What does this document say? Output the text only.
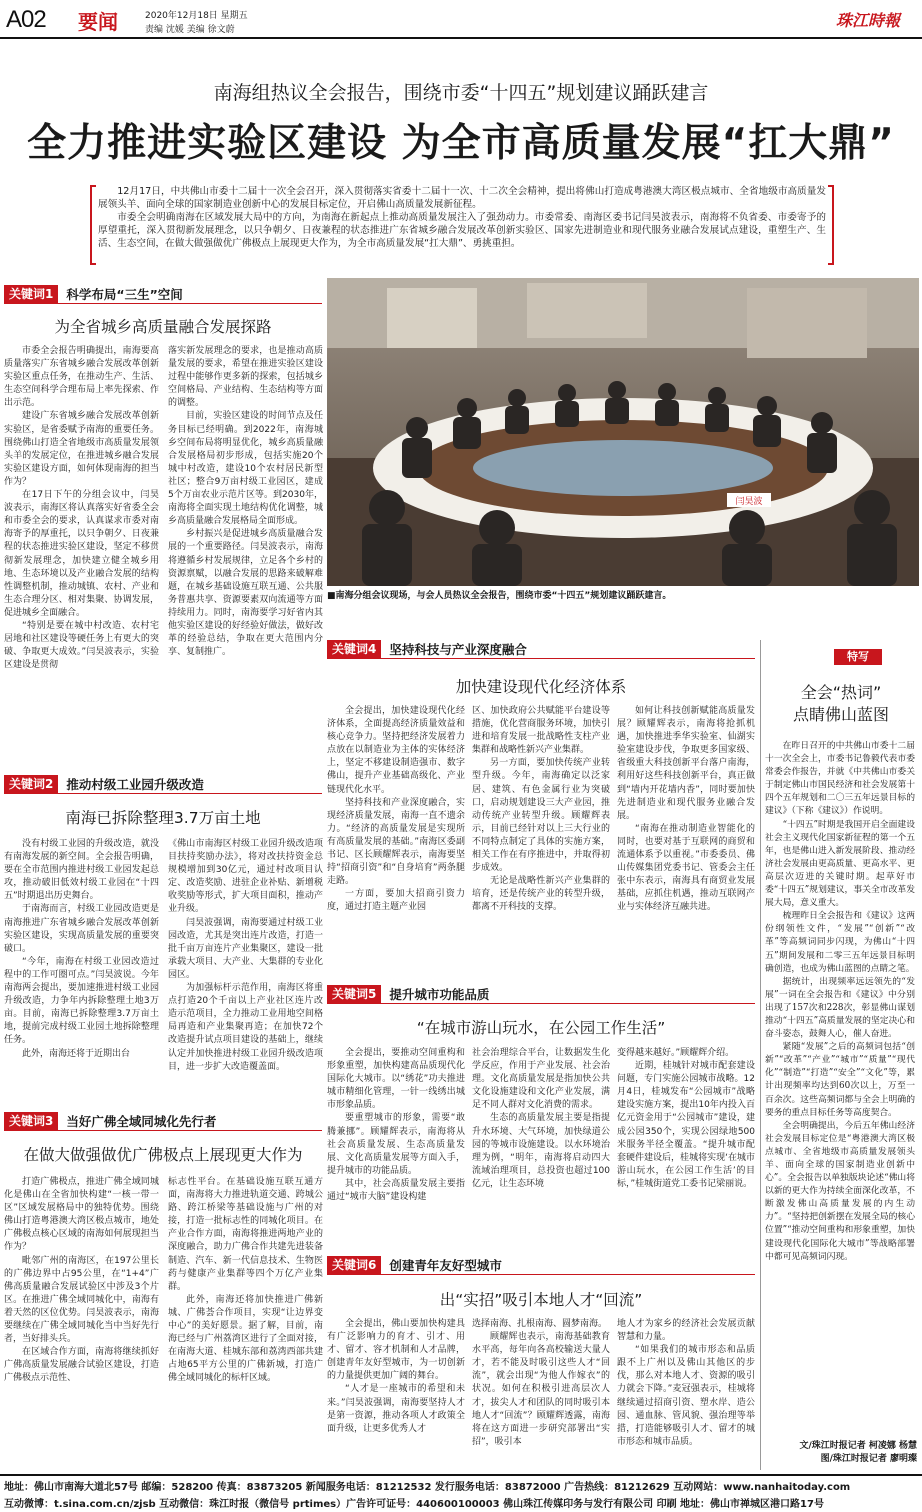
A02 要闻	2020年12月18日 星期五
责编 沈媛 美编 徐文蔚	珠江時報
南海组热议全会报告，围绕市委“十四五”规划建议踊跃建言
全力推进实验区建设 为全市高质量发展“扛大鼎”

12月17日，中共佛山市委十二届十一次全会召开，深入贯彻落实省委十二届十一次、十二次全会精神，提出将佛山打造成粤港澳大湾区极点城市、全省地级市高质量发展领头羊、面向全球的国家制造业创新中心的发展目标定位，开启佛山高质量发展新征程。

市委全会明确南海在区域发展大局中的方向，为南海在新起点上推动高质量发展注入了强劲动力。市委常委、南海区委书记闫昊波表示，南海将不负省委、市委寄予的厚望重托，深入贯彻新发展理念，以只争朝夕、日夜兼程的状态推进广东省城乡融合发展改革创新实验区、国家先进制造业和现代服务业融合发展试点建设，重塑生产、生活、生态空间，在做大做强做优广佛极点上展现更大作为，为全市高质量发展“扛大鼎”、勇挑重担。

闫昊波
■南海分组会议现场，与会人员热议全会报告，围绕市委“十四五”规划建议踊跃建言。
关键词1	科学布局“三生”空间
为全省城乡高质量融合发展探路

市委全会报告明确提出，南海要高质量落实广东省城乡融合发展改革创新实验区重点任务，在推动生产、生活、生态空间科学合理布局上率先探索、作出示范。

建设广东省城乡融合发展改革创新实验区，是省委赋予南海的重要任务。围绕佛山打造全省地级市高质量发展领头羊的发展定位，在推进城乡融合发展实验区建设方面，如何体现南海的担当作为？

在17日下午的分组会议中，闫昊波表示，南海区将认真落实好省委全会和市委全会的要求，认真谋求市委对南海寄予的厚重托，以只争朝夕、日夜兼程的状态推进实验区建设，坚定不移贯彻新发展理念，加快建立健全城乡用地、生态环境以及产业融合发展的结构性调整机制，推动城镇、农村、产业和生态合理分区、相对集聚、协调发展，促进城乡全面融合。

“特别是要在城中村改造、农村宅居地和社区建设等硬任务上有更大的突破、争取更大成效。”闫昊波表示，实验区建设是贯彻

落实新发展理念的要求，也是推动高质量发展的要求，希望在推进实验区建设过程中能够作更多新的探索，包括城乡空间格局、产业结构、生态结构等方面的调整。

目前，实验区建设的时间节点及任务目标已经明确。到2022年，南海城乡空间布局将明显优化，城乡高质量融合发展格局初步形成，包括实施20个城中村改造，建设10个农村居民新型社区；整合9万亩村级工业园区，建成5个万亩农业示范片区等。到2030年，南海将全面实现土地结构优化调整，城乡高质量融合发展格局全面形成。

乡村振兴是促进城乡高质量融合发展的一个重要路径。闫昊波表示，南海将遵循乡村发展规律，立足各个乡村的资源禀赋，以融合发展的思路来破解难题，在城乡基础设施互联互通、公共服务普惠共享、资源要素双向流通等方面持续用力。同时，南海要学习好省内其他实验区建设的好经验好做法，做好改革的经验总结，争取在更大范围内分享、复制推广。

关键词2	推动村级工业园升级改造
南海已拆除整理3.7万亩土地

没有村级工业园的升级改造，就没有南海发展的新空间。全会报告明确，要在全市范围内推进村级工业园发起总攻，推动破旧低效村级工业园在“十四五”时期退出历史舞台。

于南海而言，村级工业园改造更是南海推进广东省城乡融合发展改革创新实验区建设，实现高质量发展的重要突破口。

“今年，南海在村级工业园改造过程中的工作可圈可点。”闫昊波说。今年南海两会提出，要加速推进村级工业园升级改造，力争年内拆除整理土地3万亩。目前，南海已拆除整理3.7万亩土地，提前完成村级工业园土地拆除整理任务。

此外，南海还将于近期出台

《佛山市南海区村级工业园升级改造项目扶持奖励办法》，将对改扶持资金总规模增加到30亿元，通过村改项目认定、改造奖励、进驻企业补贴、新增税收奖励等形式，扩大项目面积，推动产业升级。

闫昊波强调，南海要通过村级工业园改造，尤其是突出连片改造，打造一批千亩万亩连片产业集聚区，建设一批承载大项目、大产业、大集群的专业化园区。

为加强标杆示范作用，南海区将重点打造20个千亩以上产业社区连片改造示范项目，全力推动工业用地空间格局再造和产业集聚再造；在加快72个改造提升试点项目建设的基础上，继续认定并加快推进村级工业园升级改造项目，进一步扩大改造覆盖面。

关键词3	当好广佛全域同城化先行者
在做大做强做优广佛极点上展现更大作为

打造广佛极点，推进广佛全域同城化是佛山在全省加快构建“一核一带一区”区域发展格局中的独特优势。围绕佛山打造粤港澳大湾区极点城市，地处广佛极点核心区域的南海如何展现担当作为？

毗邻广州的南海区，在197公里长的广佛边界中占95公里，在“1+4”广佛高质量融合发展试验区中涉及3个片区。在推进广佛全域同城化中，南海有着天然的区位优势。闫昊波表示，南海要继续在广佛全域同城化当中当好先行者，当好排头兵。

在区域合作方面，南海将继续抓好广佛高质量发展融合试验区建设，打造广佛极点示范性、

标志性平台。在基础设施互联互通方面，南海将大力推进轨道交通、跨城公路、跨江桥梁等基础设施与广州的对接，打造一批标志性的同城化项目。在产业合作方面，南海将推进两地产业的深度融合，助力广佛合作共建先进装备制造、汽车、新一代信息技术、生物医药与健康产业集群等四个万亿产业集群。

此外，南海还将加快推进广佛新城、广佛荟合作项目，实现“让边界变中心”的美好愿景。据了解，目前，南海已经与广州荔湾区进行了全面对接，在南海大道、桂城东部和荔湾西部共建占地65平方公里的广佛新城，打造广佛全域同城化的标杆区域。

关键词4	坚持科技与产业深度融合
加快建设现代化经济体系

全会提出，加快建设现代化经济体系，全面提高经济质量效益和核心竞争力。坚持把经济发展着力点放在以制造业为主体的实体经济上，坚定不移建设制造强市、数字佛山，提升产业基础高级化、产业链现代化水平。

坚持科技和产业深度融合，实现经济质量发展，南海一直不遗余力。“经济的高质量发展是实现所有高质量发展的基础。”南海区委副书记、区长顾耀辉表示，南海要坚持“招商引资”和“自身培育”两条腿走路。

一方面，要加大招商引资力度，通过打造主题产业园

区、加快政府公共赋能平台建设等措施，优化营商服务环境，加快引进和培育发展一批战略性支柱产业集群和战略性新兴产业集群。

另一方面，要加快传统产业转型升级。今年，南海确定以泛家居、建筑、有色金属行业为突破口，启动规划建设三大产业园，推动传统产业转型升级。顾耀辉表示，目前已经针对以上三大行业的不同特点制定了具体的实施方案，相关工作在有序推进中，并取得初步成效。

无论是战略性新兴产业集群的培育，还是传统产业的转型升级，都离不开科技的支撑。

如何让科技创新赋能高质量发展？顾耀辉表示，南海将抢抓机遇，加快推进季华实验室、仙湖实验室建设步伐，争取更多国家级、省级重大科技创新平台落户南海，利用好这些科技创新平台，真正做到“墙内开花墙内香”，同时要加快先进制造业和现代服务业融合发展。

“南海在推动制造业智能化的同时，也要对基于互联网的商贸和流通体系予以重视。”市委委员、佛山传媒集团党委书记、管委会主任张中东表示，南海具有商贸业发展基础，应抓住机遇，推动互联网产业与实体经济互融共进。

关键词5	提升城市功能品质
“在城市游山玩水，在公园工作生活”

全会提出，要推动空间重构和形象重塑，加快构建高品质现代化国际化大城市。以“绣花”功夫推进城市精细化管理，一针一线绣出城市形象品质。

要重塑城市的形象，需要“敢腾兼挪”。顾耀辉表示，南海将从社会高质量发展、生态高质量发展、文化高质量发展等方面入手，提升城市的功能品质。

其中，社会高质量发展主要指通过“城市大脑”建设构建

社会治理综合平台，让数据发生化学反应，作用于产业发展、社会治理。文化高质量发展是指加快公共文化设施建设和文化产业发展，满足不同人群对文化消费的需求。

生态的高质量发展主要是指提升水环境、大气环境，加快绿道公园的等城市设施建设。以水环境治理为例，“明年，南海将启动四大流域治理项目，总投资也超过100亿元，让生态环境

变得越来越好。”顾耀辉介绍。

近期，桂城针对城市配套建设问题，专门实施公园城市战略。12月4日，桂城发布“公园城市”战略建设实施方案，提出10年内投入百亿元资金用于“公园城市”建设，建成公园350个，实现公园绿地500米服务半径全覆盖。“提升城市配套硬件建设后，桂城将实现‘在城市游山玩水，在公园工作生活’的目标，”桂城街道党工委书记梁丽说。

关键词6	创建青年友好型城市
出“实招”吸引本地人才“回流”

全会提出，佛山要加快构建具有广泛影响力的育才、引才、用才、留才、容才机制和人才品牌，创建青年友好型城市，为一切创新的力量提供更加广阔的舞台。

“人才是一座城市的希望和未来。”闫昊波强调，南海要坚持人才是第一资源，推动各项人才政策全面升级，让更多优秀人才

选择南海、扎根南海、圆梦南海。

顾耀辉也表示，南海基础教育水平高，每年向各高校输送大量人才，若不能及时吸引这些人才“回流”，就会出现“为他人作嫁衣”的状况。如何在积极引进高层次人才，拔尖人才和团队的同时吸引本地人才“回流”？顾耀辉透露，南海将在这方面进一步研究部署出“实招”，吸引本

地人才为家乡的经济社会发展贡献智慧和力量。

“如果我们的城市形态和品质跟不上广州以及佛山其他区的步伐，那么对本地人才、资源的吸引力就会下降。”麦冠强表示，桂城将继续通过招商引资、塑水岸、造公园、通血脉、管风貌、强治理等举措，打造能够吸引人才、留才的城市形态和城市品质。

特写
全会“热词”
点睛佛山蓝图

在昨日召开的中共佛山市委十二届十一次全会上，市委书记鲁毅代表市委常委会作报告，并就《中共佛山市委关于制定佛山市国民经济和社会发展第十四个五年规划和二〇三五年远景目标的建议》（下称《建议》）作说明。

“十四五”时期是我国开启全面建设社会主义现代化国家新征程的第一个五年，也是佛山进入新发展阶段、推动经济社会发展由更高质量、更高水平、更高层次迈进的关键时期。起草好市委“十四五”规划建议，事关全市改革发展大局，意义重大。

梳理昨日全会报告和《建议》这两份纲领性文件，“发展”“创新”“改革”等高频词同步闪现，为佛山“十四五”期间发展和二零三五年远景目标明确创造，也成为佛山蓝图的点睛之笔。

据统计，出现频率远远领先的“发展”一词在全会报告和《建议》中分别出现了157次和228次，彰显佛山谋划推动“十四五”高质量发展的坚定决心和奋斗姿态，鼓舞人心，催人奋进。

紧随“发展”之后的高频词包括“创新”“改革”“产业”“城市”“质量”“现代化”“制造”“打造”“安全”“文化”等，累计出现频率均达到60次以上，万至一百余次。这些高频词都与全会上明确的要务的重点目标任务等高度契合。

全会明确提出，今后五年佛山经济社会发展目标定位是“粤港澳大湾区极点城市、全省地级市高质量发展领头羊、面向全球的国家制造业创新中心”。全会报告以单独版块论述“佛山将以新的更大作为持续全面深化改革，不断激发佛山高质量发展的内生动力”。“坚持把创新摆在发展全局的核心位置”“推动空间重构和形象重塑，加快建设现代化国际化大城市”等战略部署中都可见高频词闪现。

文/珠江时报记者 柯凌娜 杨慧
图/珠江时报记者 廖明璨
地址：佛山市南海大道北57号 邮编：528200 传真：83873205 新闻服务电话：81212532 发行服务电话：83872000 广告热线：81212629 互动网站：www.nanhaitoday.com
互动微博：t.sina.com.cn/zjsb 互动微信：珠江时报（微信号 prtimes）广告许可证号：440600100003 佛山珠江传媒印务与发行有限公司 印刷 地址：佛山市禅城区港口路17号
